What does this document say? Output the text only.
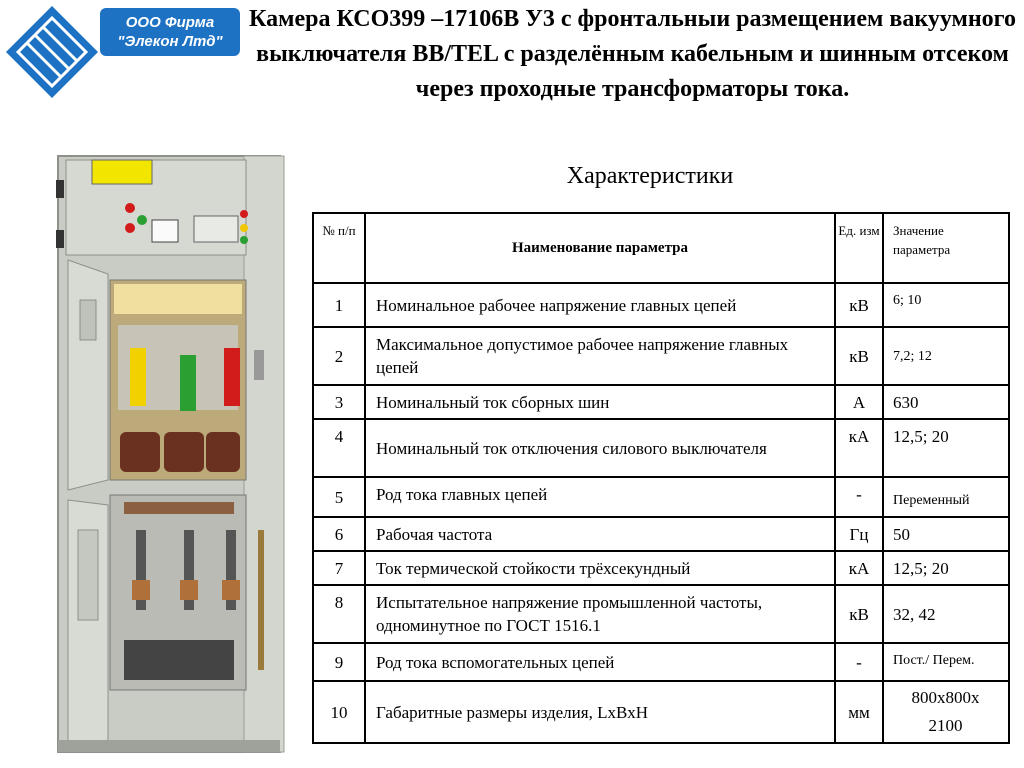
ООО Фирма
"Элекон Лтд"
Камера КСО399 –17106В У3 с фронтальныи размещением вакуумного выключателя ВВ/TEL с разделённым кабельным и шинным отсеком через проходные трансформаторы тока.
Характеристики
№ п/п	Наименование параметра	Ед. изм	Значение параметра
1	Номинальное рабочее напряжение главных цепей	кВ	6; 10
2	Максимальное допустимое рабочее напряжение главных цепей	кВ	7,2; 12
3	Номинальный ток сборных шин	А	630
4	Номинальный ток отключения силового выключателя	кА	12,5; 20
5	Род тока главных цепей	-	Переменный
6	Рабочая частота	Гц	50
7	Ток термической стойкости трёхсекундный	кА	12,5; 20
8	Испытательное напряжение промышленной частоты, одноминутное по ГОСТ 1516.1	кВ	32, 42
9	Род тока вспомогательных цепей	-	Пост./ Перем.
10	Габаритные размеры изделия, LxBxH	мм	800x800x 2100
